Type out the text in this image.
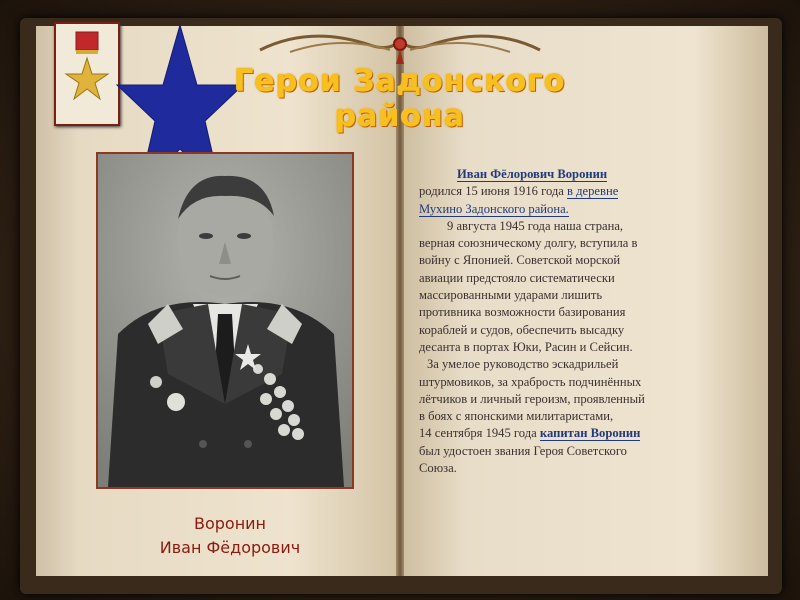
Герои Задонского района
Воронин
Иван Фёдорович

Иван Фёлорович Воронин

родился 15 июня 1916 года в деревне

Мухино Задонского района.

9 августа 1945 года наша страна,

верная союзническому долгу, вступила в

войну с Японией. Советской морской

авиации предстояло систематически

массированными ударами лишить

противника возможности базирования

кораблей и судов, обеспечить высадку

десанта в портах Юки, Расин и Сейсин.

За умелое руководство эскадрильей

штурмовиков, за храбрость подчинённых

лётчиков и личный героизм, проявленный

в боях с японскими милитаристами,

14 сентября 1945 года капитан Воронин

был удостоен звания Героя Советского

Союза.
